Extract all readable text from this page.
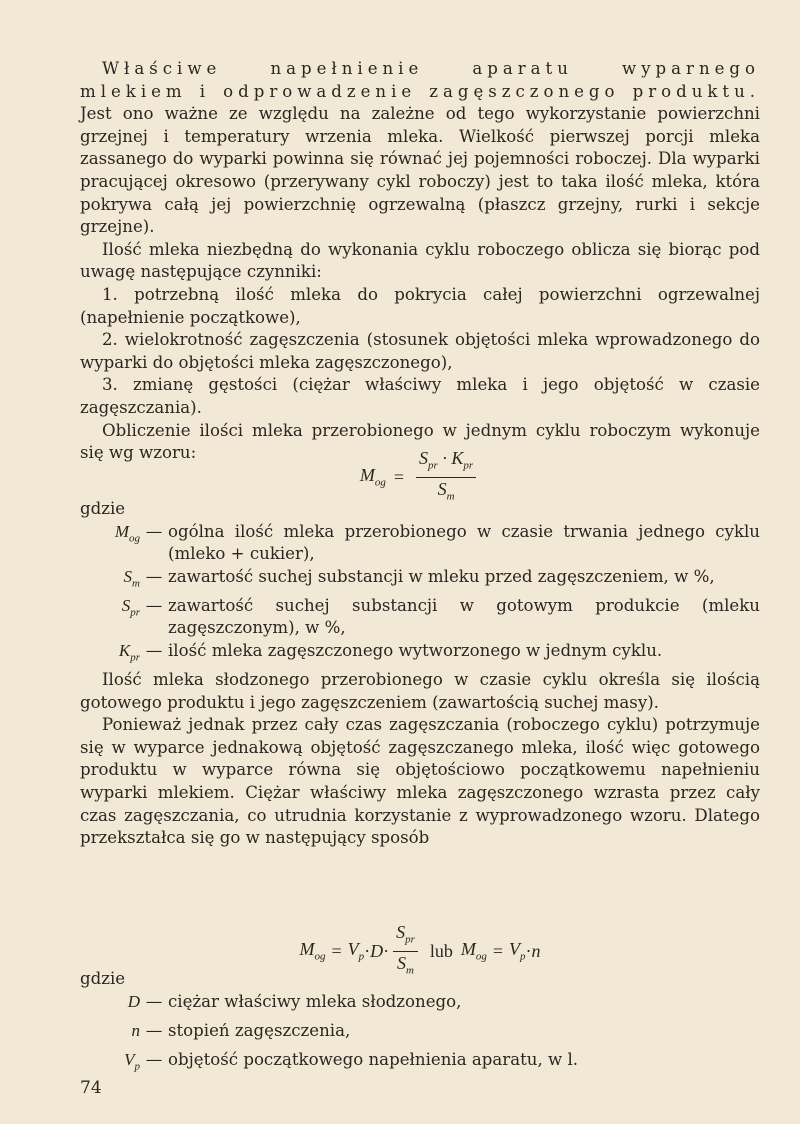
Właściwe napełnienie aparatu wyparnego mlekiem i odprowadzenie zagęszczonego produktu. Jest ono ważne ze względu na zależne od tego wykorzystanie powierzchni grzejnej i temperatury wrzenia mleka. Wielkość pierwszej porcji mleka zassanego do wyparki powinna się równać jej pojemności roboczej. Dla wyparki pracującej okresowo (przerywany cykl roboczy) jest to taka ilość mleka, która pokrywa całą jej powierzchnię ogrzewalną (płaszcz grzejny, rurki i sekcje grzejne).

Ilość mleka niezbędną do wykonania cyklu roboczego oblicza się biorąc pod uwagę następujące czynniki:

1. potrzebną ilość mleka do pokrycia całej powierzchni ogrzewalnej (napełnienie początkowe),

2. wielokrotność zagęszczenia (stosunek objętości mleka wprowadzonego do wyparki do objętości mleka zagęszczonego),

3. zmianę gęstości (ciężar właściwy mleka i jego objętość w czasie zagęszczania).

Obliczenie ilości mleka przerobionego w jednym cyklu roboczym wykonuje się wg wzoru:

$M_{og} = \frac{S_{pr} \cdot K_{pr}}{S_m}$

gdzie

$M_{og}$ — ogólna ilość mleka przerobionego w czasie trwania jednego cyklu (mleko + cukier),
$S_m$ — zawartość suchej substancji w mleku przed zagęszczeniem, w %,
$S_{pr}$ — zawartość suchej substancji w gotowym produkcie (mleku zagęszczonym), w %,
$K_{pr}$ — ilość mleka zagęszczonego wytworzonego w jednym cyklu.

Ilość mleka słodzonego przerobionego w czasie cyklu określa się ilością gotowego produktu i jego zagęszczeniem (zawartością suchej masy).

Ponieważ jednak przez cały czas zagęszczania (roboczego cyklu) potrzymuje się w wyparce jednakową objętość zagęszczanego mleka, ilość więc gotowego produktu w wyparce równa się objętościowo początkowemu napełnieniu wyparki mlekiem. Ciężar właściwy mleka zagęszczonego wzrasta przez cały czas zagęszczania, co utrudnia korzystanie z wyprowadzonego wzoru. Dlatego przekształca się go w następujący sposób

$M_{og} = V_p \cdot D \cdot \frac{S_{pr}}{S_m}$ lub $M_{og} = V_p \cdot n$

gdzie

D — ciężar właściwy mleka słodzonego,
n — stopień zagęszczenia,
$V_p$ — objętość początkowego napełnienia aparatu, w l.
74
